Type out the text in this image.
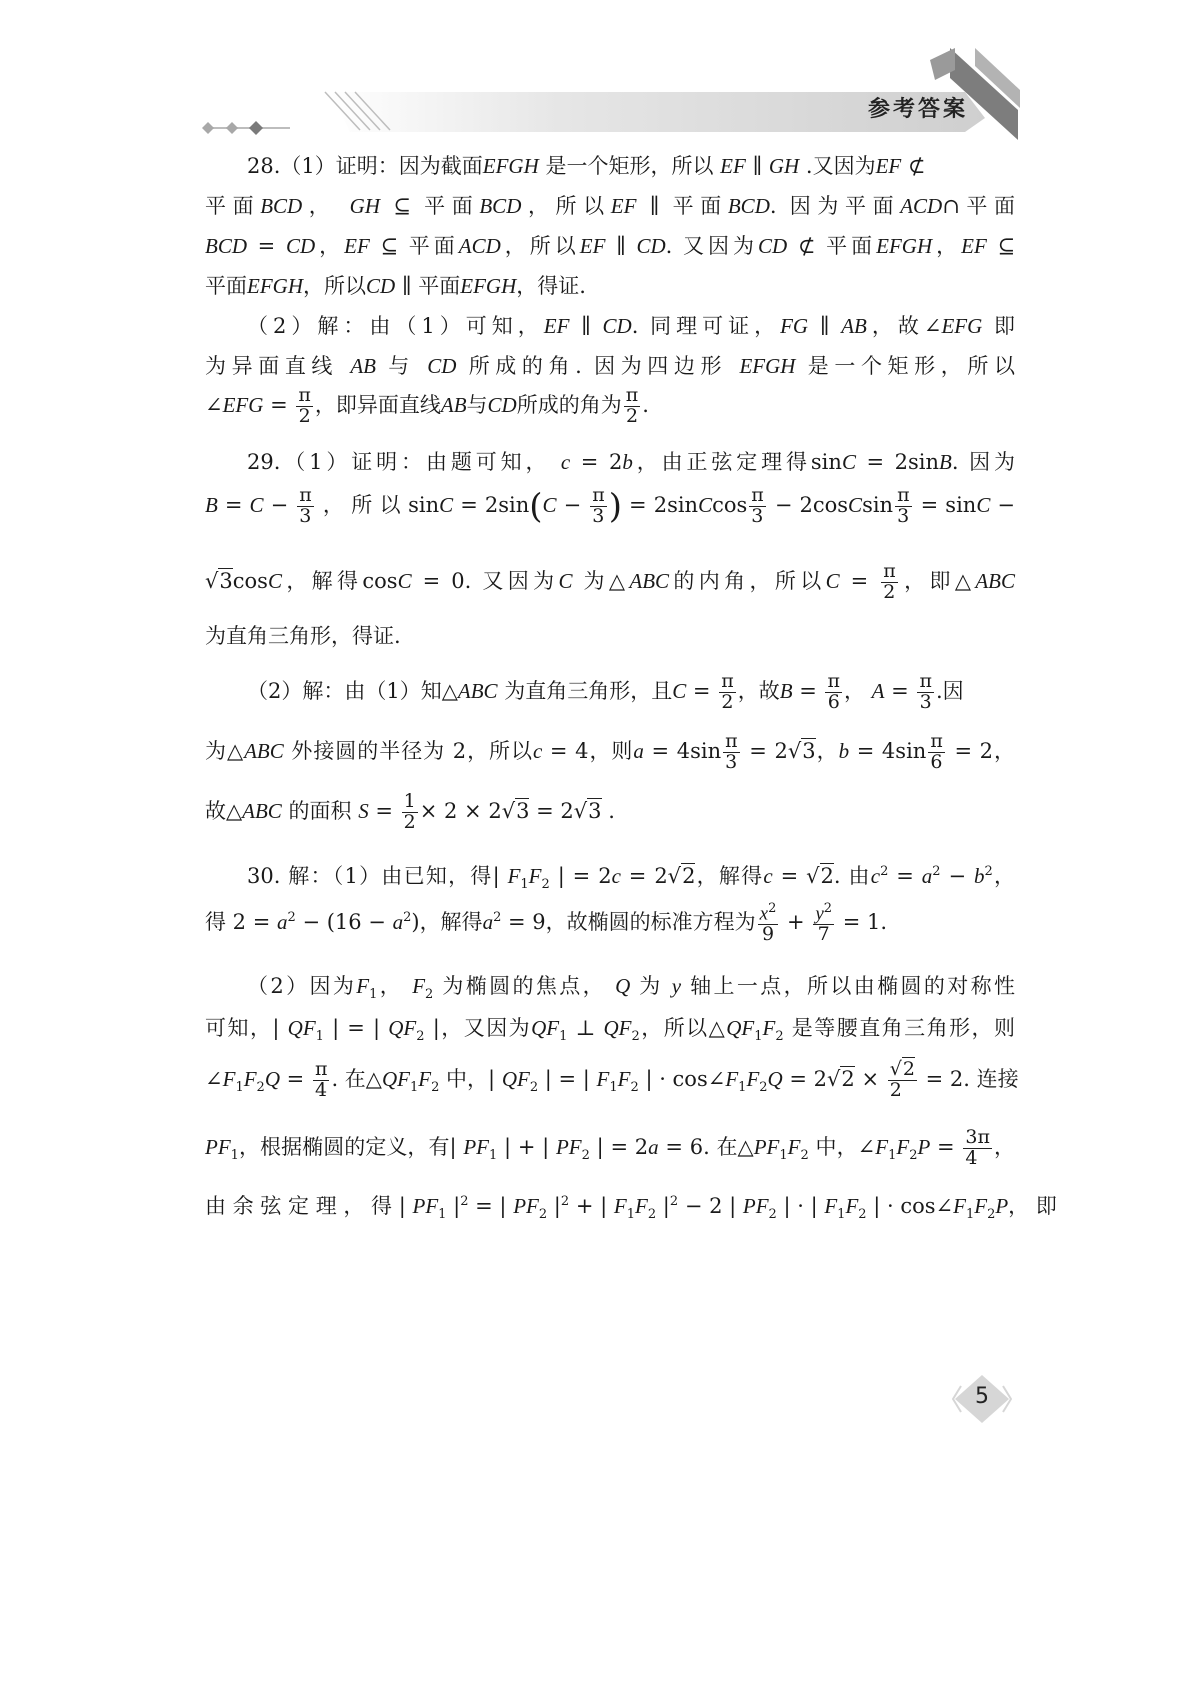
参考答案
28.（1）证明：因为截面EFGH 是一个矩形，所以 EF ∥ GH .又因为EF ⊄
平面BCD， GH ⊆ 平面BCD，所以EF ∥ 平面BCD. 因为平面ACD∩平面
BCD = CD，EF ⊆ 平面ACD，所以EF ∥ CD. 又因为CD ⊄ 平面EFGH，EF ⊆
平面EFGH，所以CD ∥ 平面EFGH，得证.
（2）解：由（1）可知，EF ∥ CD. 同理可证，FG ∥ AB，故∠EFG 即
为异面直线 AB 与 CD 所成的角. 因为四边形 EFGH 是一个矩形，所以
∠EFG = $\frac{\pi}{2}$ ，即异面直线AB与CD所成的角为 $\frac{\pi}{2}$ .
29.（1）证明：由题可知， c = 2b，由正弦定理得sinC = 2sinB. 因为
$B = C - \frac{\pi}{3}$ ， 所 以 $\sin C = 2\sin(C - \frac{\pi}{3}$ ) = 2sinCcos $\frac{\pi}{3}$ − 2cosCsin $\frac{\pi}{3} = \sin C$ −
√3cosC，解得cosC = 0. 又因为C 为△ABC的内角，所以$C = \frac{\pi}{2}$ ，即△ABC
为直角三角形，得证.
（2）解：由（1）知△ABC 为直角三角形，且$C = \frac{\pi}{2}$ ，故$B = \frac{\pi}{6}$ ， $A = \frac{\pi}{3}$ .因
为△ABC 外接圆的半径为 2，所以c = 4，则$a = 4\sin \frac{\pi}{3} = 2√3$，$b = 4\sin \frac{\pi}{6} = 2$，
故△ABC 的面积 $S = \frac{1}{2} \times 2 \times 2√3 = 2√3$ .
30. 解：（1）由已知，得| $F_1F_2$ | = 2c = 2√2，解得c = √2. 由$c^2 = a^2 - b^2$，
得 $2 = a^2 - (16 - a^2)$，解得$a^2 = 9$，故椭圆的标准方程为 $\frac{x^2}{9} + \frac{y^2}{7} = 1$.
（2）因为$F_1$， $F_2$ 为椭圆的焦点， Q 为 y 轴上一点，所以由椭圆的对称性
可知，| $QF_1$ | = | $QF_2$ |，又因为$QF_1$ ⊥ $QF_2$，所以$\triangle QF_1F_2$ 是等腰直角三角形，则
$\angle F_1F_2Q = \frac{\pi}{4}$ . 在$\triangle QF_1F_2$ 中，| $QF_2$ | = | $F_1F_2$ | · $\cos\angle F_1F_2Q = 2√2 \times \frac{√2}{2} = 2$. 连接
$PF_1$，根据椭圆的定义，有| $PF_1$ | + | $PF_2$ | = 2a = 6. 在$\triangle PF_1F_2$ 中，$\angle F_1F_2P = \frac{3\pi}{4}$ ，
由 余 弦 定 理 ， 得 | $PF_1$ $|^2$ = | $PF_2$ $|^2$ + | $F_1F_2$ $|^2 - 2$ | $PF_2$ | · | $F_1F_2$ | · $\cos\angle F_1F_2P$， 即
5
